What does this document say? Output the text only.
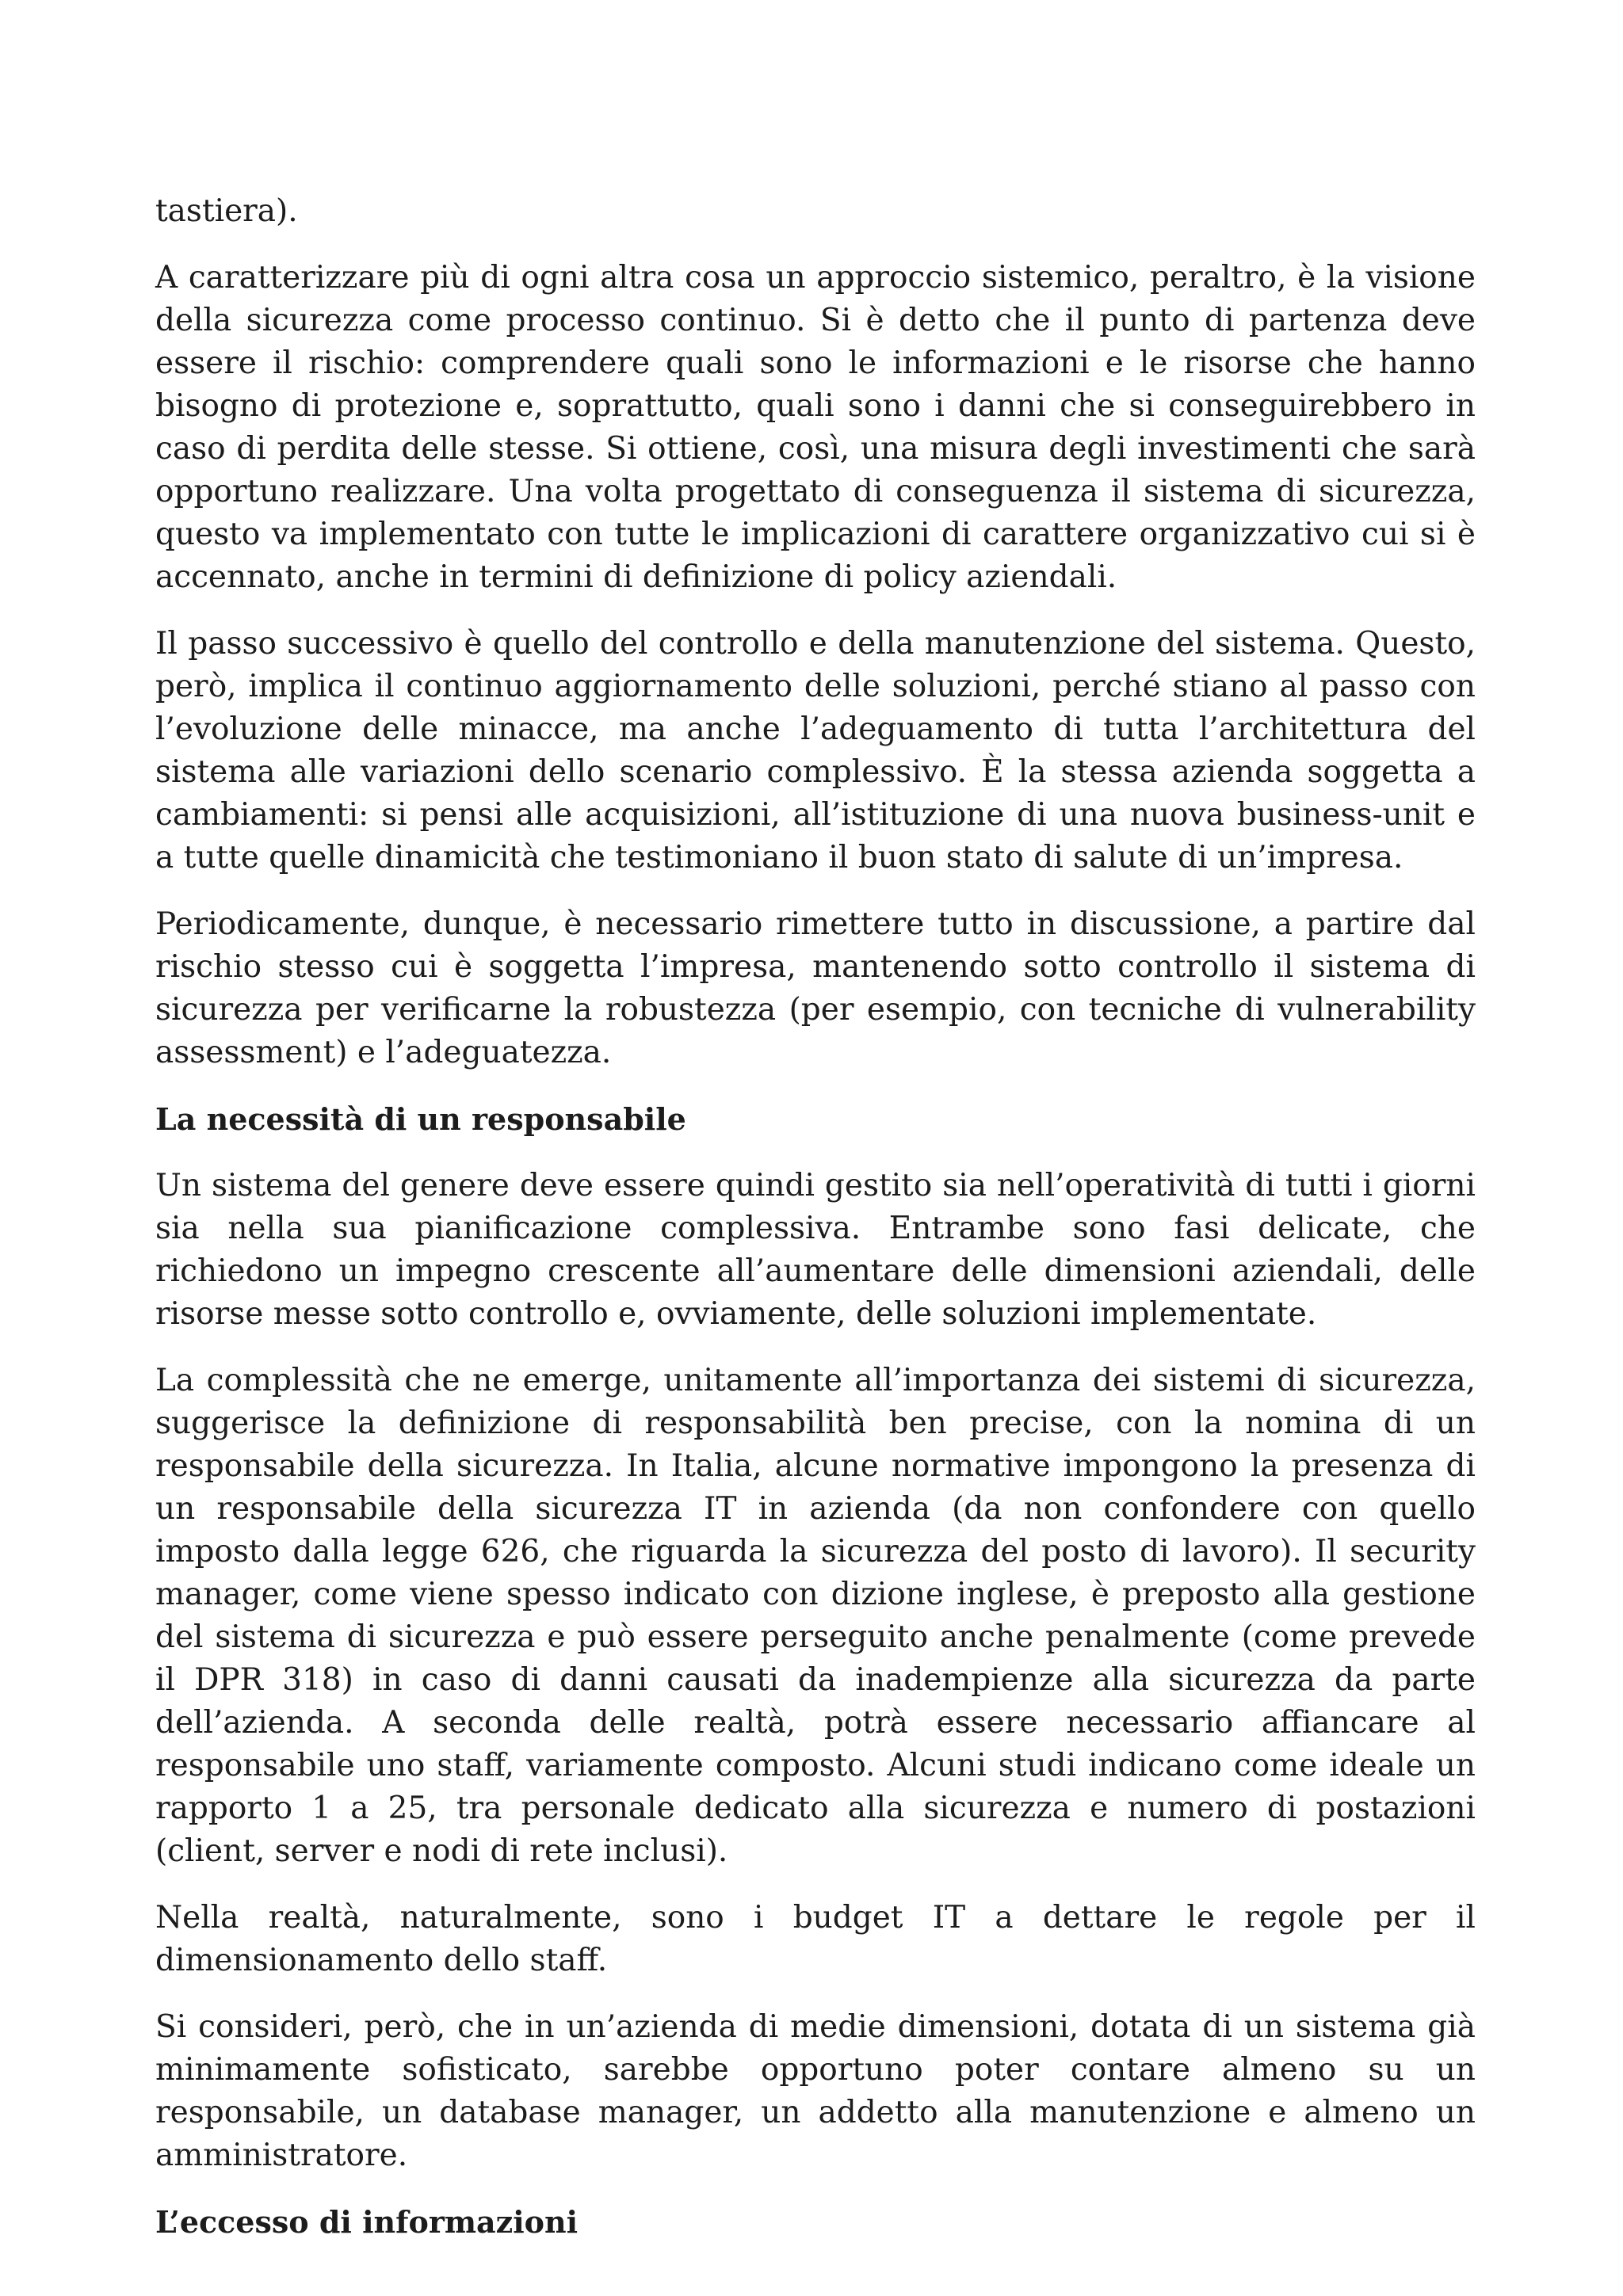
tastiera).

A caratterizzare più di ogni altra cosa un approccio sistemico, peraltro, è la visione della sicurezza come processo continuo. Si è detto che il punto di partenza deve essere il rischio: comprendere quali sono le informazioni e le risorse che hanno bisogno di protezione e, soprattutto, quali sono i danni che si conseguirebbero in caso di perdita delle stesse. Si ottiene, così, una misura degli investimenti che sarà opportuno realizzare. Una volta progettato di conseguenza il sistema di sicurezza, questo va implementato con tutte le implicazioni di carattere organizzativo cui si è accennato, anche in termini di definizione di policy aziendali.

Il passo successivo è quello del controllo e della manutenzione del sistema. Questo, però, implica il continuo aggiornamento delle soluzioni, perché stiano al passo con l’evoluzione delle minacce, ma anche l’adeguamento di tutta l’architettura del sistema alle variazioni dello scenario complessivo. È la stessa azienda soggetta a cambiamenti: si pensi alle acquisizioni, all’istituzione di una nuova business-unit e a tutte quelle dinamicità che testimoniano il buon stato di salute di un’impresa.

Periodicamente, dunque, è necessario rimettere tutto in discussione, a partire dal rischio stesso cui è soggetta l’impresa, mantenendo sotto controllo il sistema di sicurezza per verificarne la robustezza (per esempio, con tecniche di vulnerability assessment) e l’adeguatezza.

La necessità di un responsabile

Un sistema del genere deve essere quindi gestito sia nell’operatività di tutti i giorni sia nella sua pianificazione complessiva. Entrambe sono fasi delicate, che richiedono un impegno crescente all’aumentare delle dimensioni aziendali, delle risorse messe sotto controllo e, ovviamente, delle soluzioni implementate.

La complessità che ne emerge, unitamente all’importanza dei sistemi di sicurezza, suggerisce la definizione di responsabilità ben precise, con la nomina di un responsabile della sicurezza. In Italia, alcune normative impongono la presenza di un responsabile della sicurezza IT in azienda (da non confondere con quello imposto dalla legge 626, che riguarda la sicurezza del posto di lavoro). Il security manager, come viene spesso indicato con dizione inglese, è preposto alla gestione del sistema di sicurezza e può essere perseguito anche penalmente (come prevede il DPR 318) in caso di danni causati da inadempienze alla sicurezza da parte dell’azienda. A seconda delle realtà, potrà essere necessario affiancare al responsabile uno staff, variamente composto. Alcuni studi indicano come ideale un rapporto 1 a 25, tra personale dedicato alla sicurezza e numero di postazioni (client, server e nodi di rete inclusi).

Nella realtà, naturalmente, sono i budget IT a dettare le regole per il dimensionamento dello staff.

Si consideri, però, che in un’azienda di medie dimensioni, dotata di un sistema già minimamente sofisticato, sarebbe opportuno poter contare almeno su un responsabile, un database manager, un addetto alla manutenzione e almeno un amministratore.

L’eccesso di informazioni
